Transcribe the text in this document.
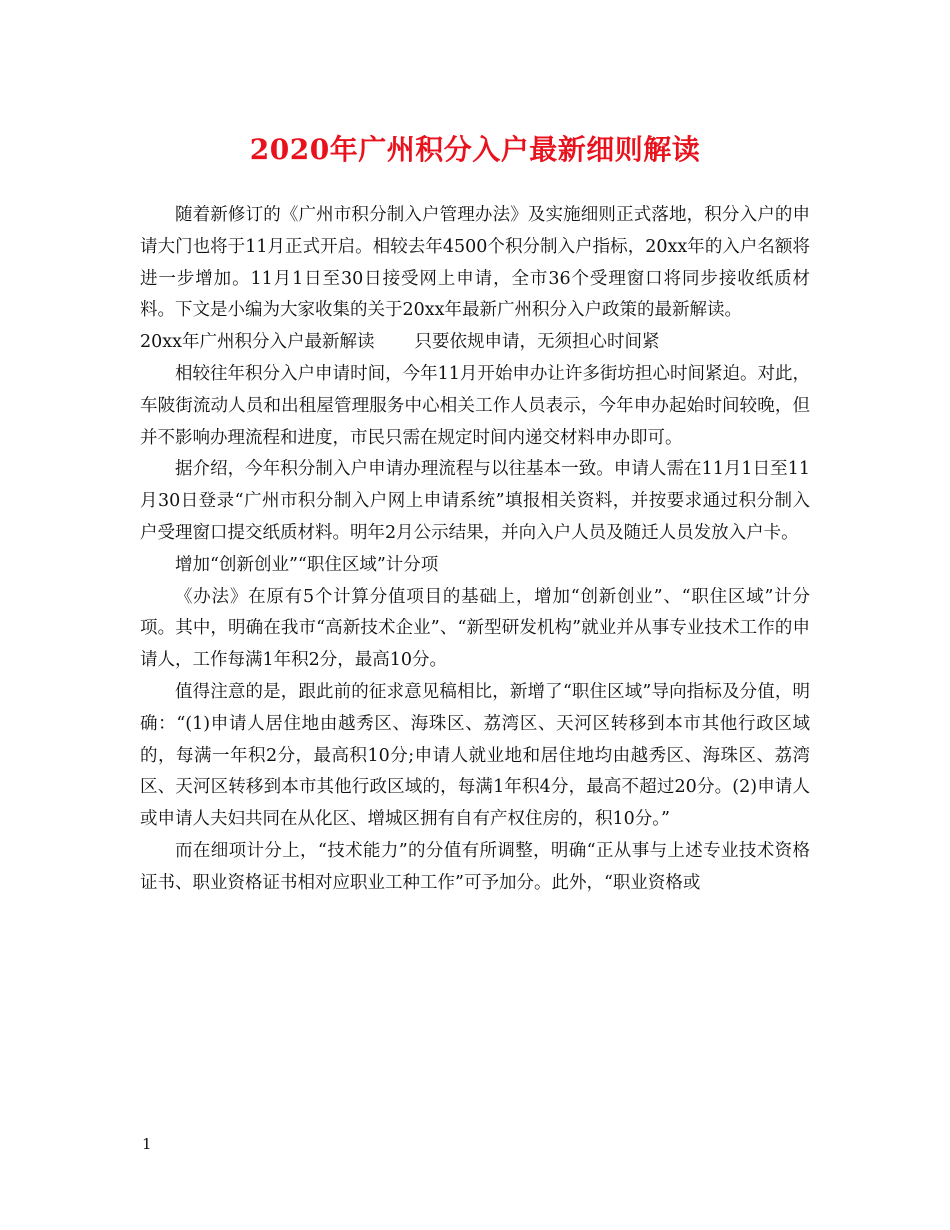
2020年广州积分入户最新细则解读

随着新修订的《广州市积分制入户管理办法》及实施细则正式落地，积分入户的申请大门也将于11月正式开启。相较去年4500个积分制入户指标，20xx年的入户名额将进一步增加。11月1日至30日接受网上申请，全市36个受理窗口将同步接收纸质材料。下文是小编为大家收集的关于20xx年最新广州积分入户政策的最新解读。

20xx年广州积分入户最新解读 只要依规申请，无须担心时间紧

相较往年积分入户申请时间，今年11月开始申办让许多街坊担心时间紧迫。对此，车陂街流动人员和出租屋管理服务中心相关工作人员表示，今年申办起始时间较晚，但并不影响办理流程和进度，市民只需在规定时间内递交材料申办即可。

据介绍，今年积分制入户申请办理流程与以往基本一致。申请人需在11月1日至11月30日登录“广州市积分制入户网上申请系统”填报相关资料，并按要求通过积分制入户受理窗口提交纸质材料。明年2月公示结果，并向入户人员及随迁人员发放入户卡。

增加“创新创业”“职住区域”计分项

《办法》在原有5个计算分值项目的基础上，增加“创新创业”、“职住区域”计分项。其中，明确在我市“高新技术企业”、“新型研发机构”就业并从事专业技术工作的申请人，工作每满1年积2分，最高10分。

值得注意的是，跟此前的征求意见稿相比，新增了“职住区域”导向指标及分值，明确：“(1)申请人居住地由越秀区、海珠区、荔湾区、天河区转移到本市其他行政区域的，每满一年积2分，最高积10分;申请人就业地和居住地均由越秀区、海珠区、荔湾区、天河区转移到本市其他行政区域的，每满1年积4分，最高不超过20分。(2)申请人或申请人夫妇共同在从化区、增城区拥有自有产权住房的，积10分。”

而在细项计分上，“技术能力”的分值有所调整，明确“正从事与上述专业技术资格证书、职业资格证书相对应职业工种工作”可予加分。此外，“职业资格或

1
